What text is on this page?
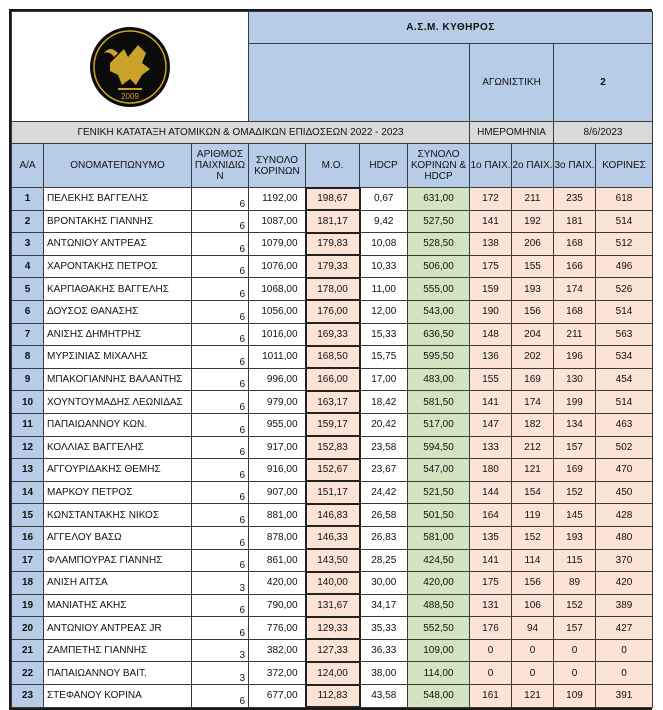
2009			Α.Σ.Μ. ΚΥΘΗΡΟΣ							
							ΑΓΩΝΙΣΤΙΚΗ		2	
ΓΕΝΙΚΗ ΚΑΤΑΤΑΞΗ ΑΤΟΜΙΚΩΝ & ΟΜΑΔΙΚΩΝ ΕΠΙΔΟΣΕΩΝ 2022 - 2023							ΗΜΕΡΟΜΗΝΙΑ		8/6/2023	
Α/Α	ΟΝΟΜΑΤΕΠΩΝΥΜΟ	ΑΡΙΘΜΟΣ ΠΑΙΧΝΙΔΙΩ Ν	ΣΥΝΟΛΟ ΚΟΡΙΝΩΝ	Μ.Ο.	HDCP	ΣΥΝΟΛΟ ΚΟΡΙΝΩΝ & HDCP	1ο ΠΑΙΧ.	2ο ΠΑΙΧ.	3ο ΠΑΙΧ.	ΚΟΡΙΝΕΣ
1	ΠΕΛΕΚΗΣ ΒΑΓΓΕΛΗΣ	6	1192,00	198,67	0,67	631,00	172	211	235	618
2	ΒΡΟΝΤΑΚΗΣ ΓΙΑΝΝΗΣ	6	1087,00	181,17	9,42	527,50	141	192	181	514
3	ΑΝΤΩΝΙΟΥ ΑΝΤΡΕΑΣ	6	1079,00	179,83	10,08	528,50	138	206	168	512
4	ΧΑΡΟΝΤΑΚΗΣ ΠΕΤΡΟΣ	6	1076,00	179,33	10,33	506,00	175	155	166	496
5	ΚΑΡΠΑΘΑΚΗΣ ΒΑΓΓΕΛΗΣ	6	1068,00	178,00	11,00	555,00	159	193	174	526
6	ΔΟΥΣΟΣ ΘΑΝΑΣΗΣ	6	1056,00	176,00	12,00	543,00	190	156	168	514
7	ΑΝΙΣΗΣ ΔΗΜΗΤΡΗΣ	6	1016,00	169,33	15,33	636,50	148	204	211	563
8	ΜΥΡΣΙΝΙΑΣ ΜΙΧΑΛΗΣ	6	1011,00	168,50	15,75	595,50	136	202	196	534
9	ΜΠΑΚΟΓΙΑΝΝΗΣ ΒΑΛΑΝΤΗΣ	6	996,00	166,00	17,00	483,00	155	169	130	454
10	ΧΟΥΝΤΟΥΜΑΔΗΣ ΛΕΩΝΙΔΑΣ	6	979,00	163,17	18,42	581,50	141	174	199	514
11	ΠΑΠΑΙΩΑΝΝΟΥ ΚΩΝ.	6	955,00	159,17	20,42	517,00	147	182	134	463
12	ΚΟΛΛΙΑΣ ΒΑΓΓΕΛΗΣ	6	917,00	152,83	23,58	594,50	133	212	157	502
13	ΑΓΓΟΥΡΙΔΑΚΗΣ ΘΕΜΗΣ	6	916,00	152,67	23,67	547,00	180	121	169	470
14	ΜΑΡΚΟΥ ΠΕΤΡΟΣ	6	907,00	151,17	24,42	521,50	144	154	152	450
15	ΚΩΝΣΤΑΝΤΑΚΗΣ ΝΙΚΟΣ	6	881,00	146,83	26,58	501,50	164	119	145	428
16	ΑΓΓΕΛΟΥ ΒΑΣΩ	6	878,00	146,33	26,83	581,00	135	152	193	480
17	ΦΛΑΜΠΟΥΡΑΣ ΓΙΑΝΝΗΣ	6	861,00	143,50	28,25	424,50	141	114	115	370
18	ΑΝΙΣΗ ΑΙΤΣΑ	3	420,00	140,00	30,00	420,00	175	156	89	420
19	ΜΑΝΙΑΤΗΣ ΑΚΗΣ	6	790,00	131,67	34,17	488,50	131	106	152	389
20	ΑΝΤΩΝΙΟΥ ΑΝΤΡΕΑΣ JR	6	776,00	129,33	35,33	552,50	176	94	157	427
21	ΖΑΜΠΕΤΗΣ ΓΙΑΝΝΗΣ	3	382,00	127,33	36,33	109,00	0	0	0	0
22	ΠΑΠΑΙΩΑΝΝΟΥ ΒΑΙΤ.	3	372,00	124,00	38,00	114,00	0	0	0	0
23	ΣΤΕΦΑΝΟΥ ΚΟΡΙΝΑ	6	677,00	112,83	43,58	548,00	161	121	109	391
